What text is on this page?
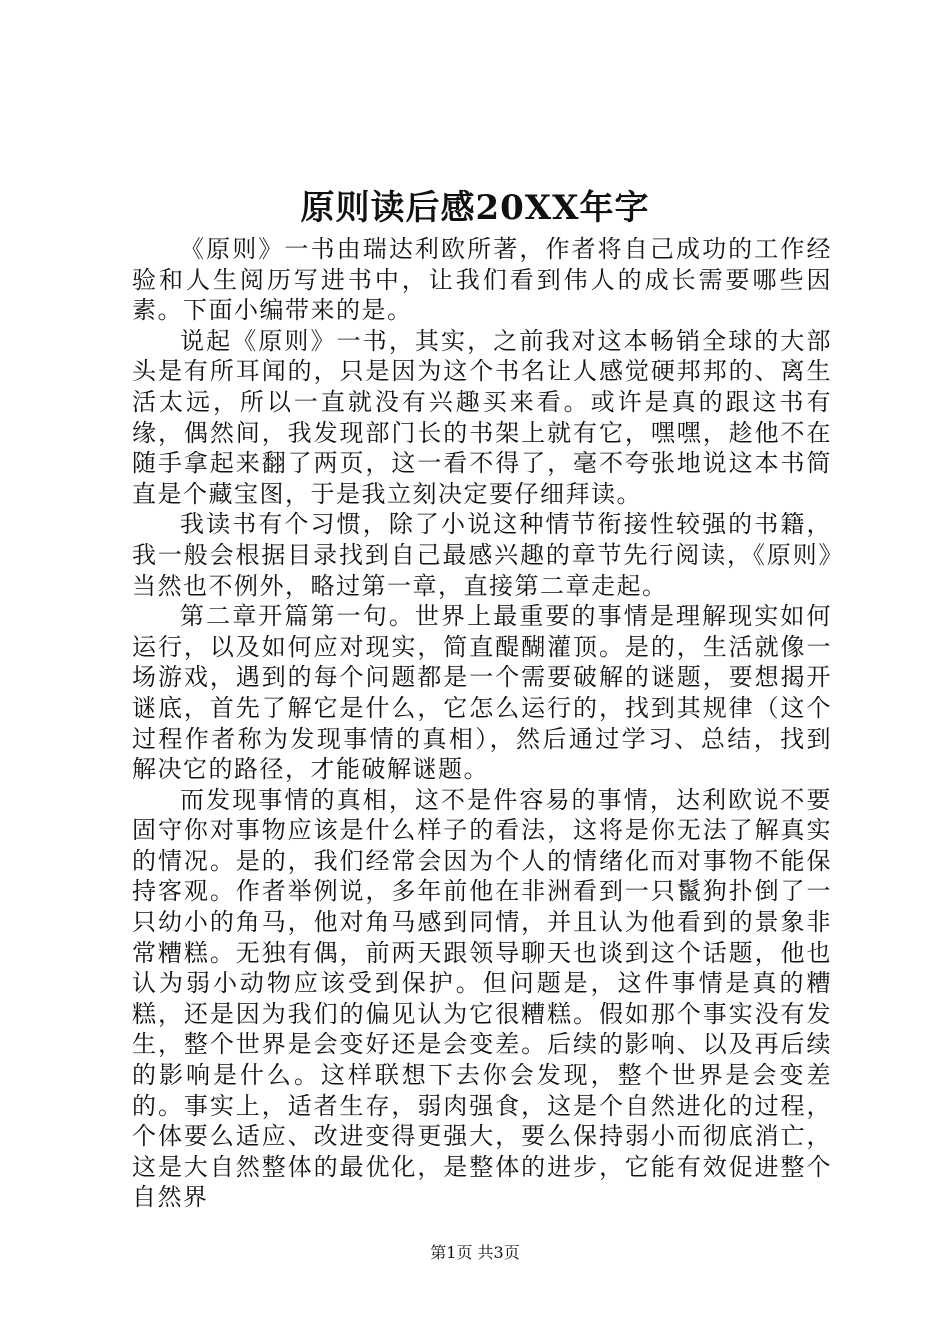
原则读后感20XX年字

《原则》一书由瑞达利欧所著，作者将自己成功的工作经验和人生阅历写进书中，让我们看到伟人的成长需要哪些因素。下面小编带来的是。

说起《原则》一书，其实，之前我对这本畅销全球的大部头是有所耳闻的，只是因为这个书名让人感觉硬邦邦的、离生活太远，所以一直就没有兴趣买来看。或许是真的跟这书有缘，偶然间，我发现部门长的书架上就有它，嘿嘿，趁他不在随手拿起来翻了两页，这一看不得了，毫不夸张地说这本书简直是个藏宝图，于是我立刻决定要仔细拜读。

我读书有个习惯，除了小说这种情节衔接性较强的书籍，我一般会根据目录找到自己最感兴趣的章节先行阅读，《原则》当然也不例外，略过第一章，直接第二章走起。

第二章开篇第一句。世界上最重要的事情是理解现实如何运行，以及如何应对现实，简直醍醐灌顶。是的，生活就像一场游戏，遇到的每个问题都是一个需要破解的谜题，要想揭开谜底，首先了解它是什么，它怎么运行的，找到其规律（这个过程作者称为发现事情的真相），然后通过学习、总结，找到解决它的路径，才能破解谜题。

而发现事情的真相，这不是件容易的事情，达利欧说不要固守你对事物应该是什么样子的看法，这将是你无法了解真实的情况。是的，我们经常会因为个人的情绪化而对事物不能保持客观。作者举例说，多年前他在非洲看到一只鬣狗扑倒了一只幼小的角马，他对角马感到同情，并且认为他看到的景象非常糟糕。无独有偶，前两天跟领导聊天也谈到这个话题，他也认为弱小动物应该受到保护。但问题是，这件事情是真的糟糕，还是因为我们的偏见认为它很糟糕。假如那个事实没有发生，整个世界是会变好还是会变差。后续的影响、以及再后续的影响是什么。这样联想下去你会发现，整个世界是会变差的。事实上，适者生存，弱肉强食，这是个自然进化的过程，个体要么适应、改进变得更强大，要么保持弱小而彻底消亡，这是大自然整体的最优化，是整体的进步，它能有效促进整个自然界

第1页 共3页
